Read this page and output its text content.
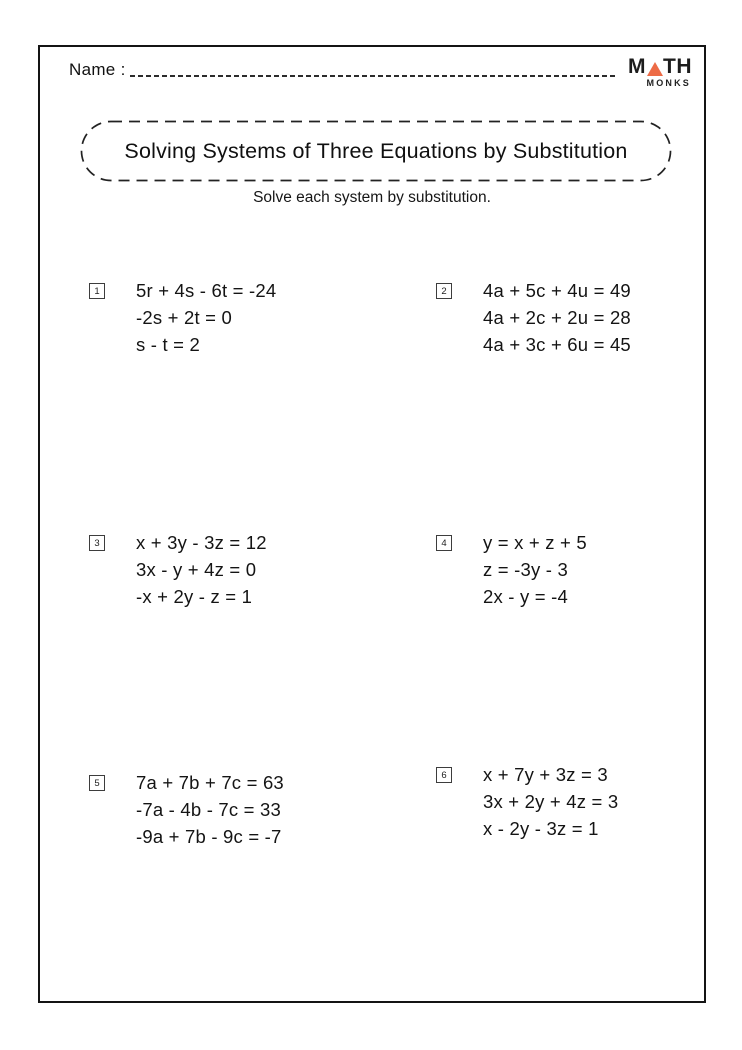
Name :	M TH
MONKS
Solving Systems of Three Equations by Substitution
Solve each system by substitution.
1 5r + 4s - 6t = -24
-2s + 2t = 0
s - t = 2
2 4a + 5c + 4u = 49
4a + 2c + 2u = 28
4a + 3c + 6u = 45
3 x + 3y - 3z = 12
3x - y + 4z = 0
-x + 2y - z = 1
4 y = x + z + 5
z = -3y - 3
2x - y = -4
5 7a + 7b + 7c = 63
-7a - 4b - 7c = 33
-9a + 7b - 9c = -7
6 x + 7y + 3z = 3
3x + 2y + 4z = 3
x - 2y - 3z = 1
